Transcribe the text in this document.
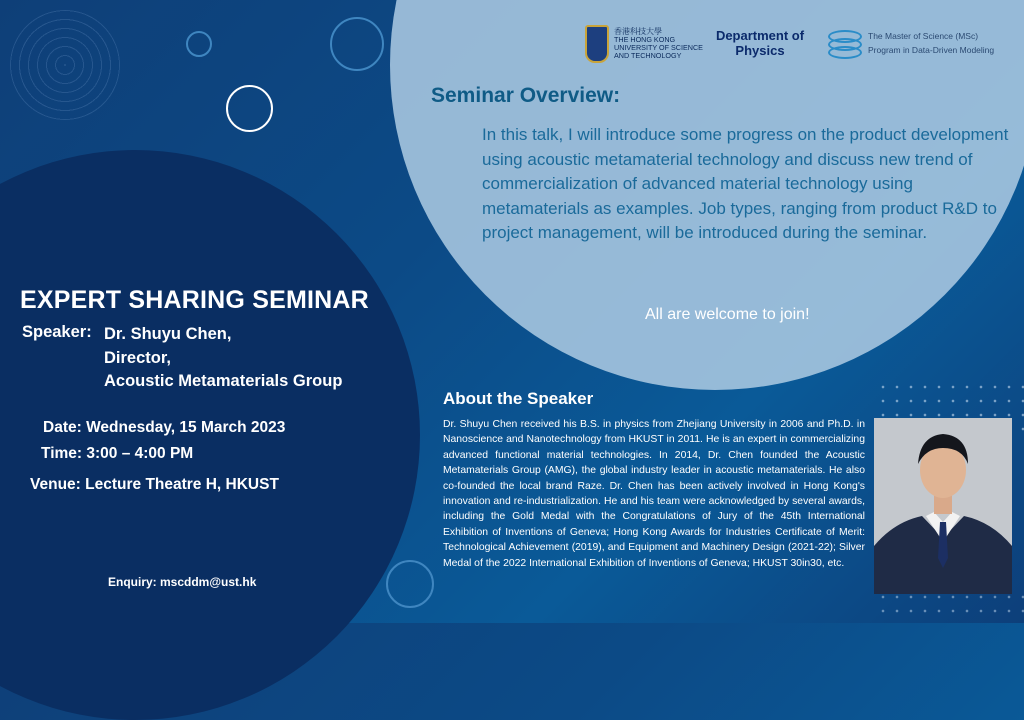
香港科技大學
THE HONG KONG
UNIVERSITY OF SCIENCE
AND TECHNOLOGY
Department of
Physics
The Master of Science (MSc)
Program in Data-Driven Modeling
Seminar Overview:

In this talk, I will introduce some progress on the product development using acoustic metamaterial technology and discuss new trend of commercialization of advanced material technology using metamaterials as examples. Job types, ranging from product R&D to project management, will be introduced during the seminar.

All are welcome to join!

EXPERT SHARING SEMINAR
Speaker: Dr. Shuyu Chen,
Director,
Acoustic Metamaterials Group
Date: Wednesday, 15 March 2023
Time: 3:00 – 4:00 PM
Venue: Lecture Theatre H, HKUST
Enquiry: mscddm@ust.hk
About the Speaker

Dr. Shuyu Chen received his B.S. in physics from Zhejiang University in 2006 and Ph.D. in Nanoscience and Nanotechnology from HKUST in 2011. He is an expert in commercializing advanced functional material technologies. In 2014, Dr. Chen founded the Acoustic Metamaterials Group (AMG), the global industry leader in acoustic metamaterials. He also co-founded the local brand Raze. Dr. Chen has been actively involved in Hong Kong's innovation and re-industrialization. He and his team were acknowledged by several awards, including the Gold Medal with the Congratulations of Jury of the 45th International Exhibition of Inventions of Geneva; Hong Kong Awards for Industries Certificate of Merit: Technological Achievement (2019), and Equipment and Machinery Design (2021-22); Silver Medal of the 2022 International Exhibition of Inventions of Geneva; HKUST 30in30, etc.
